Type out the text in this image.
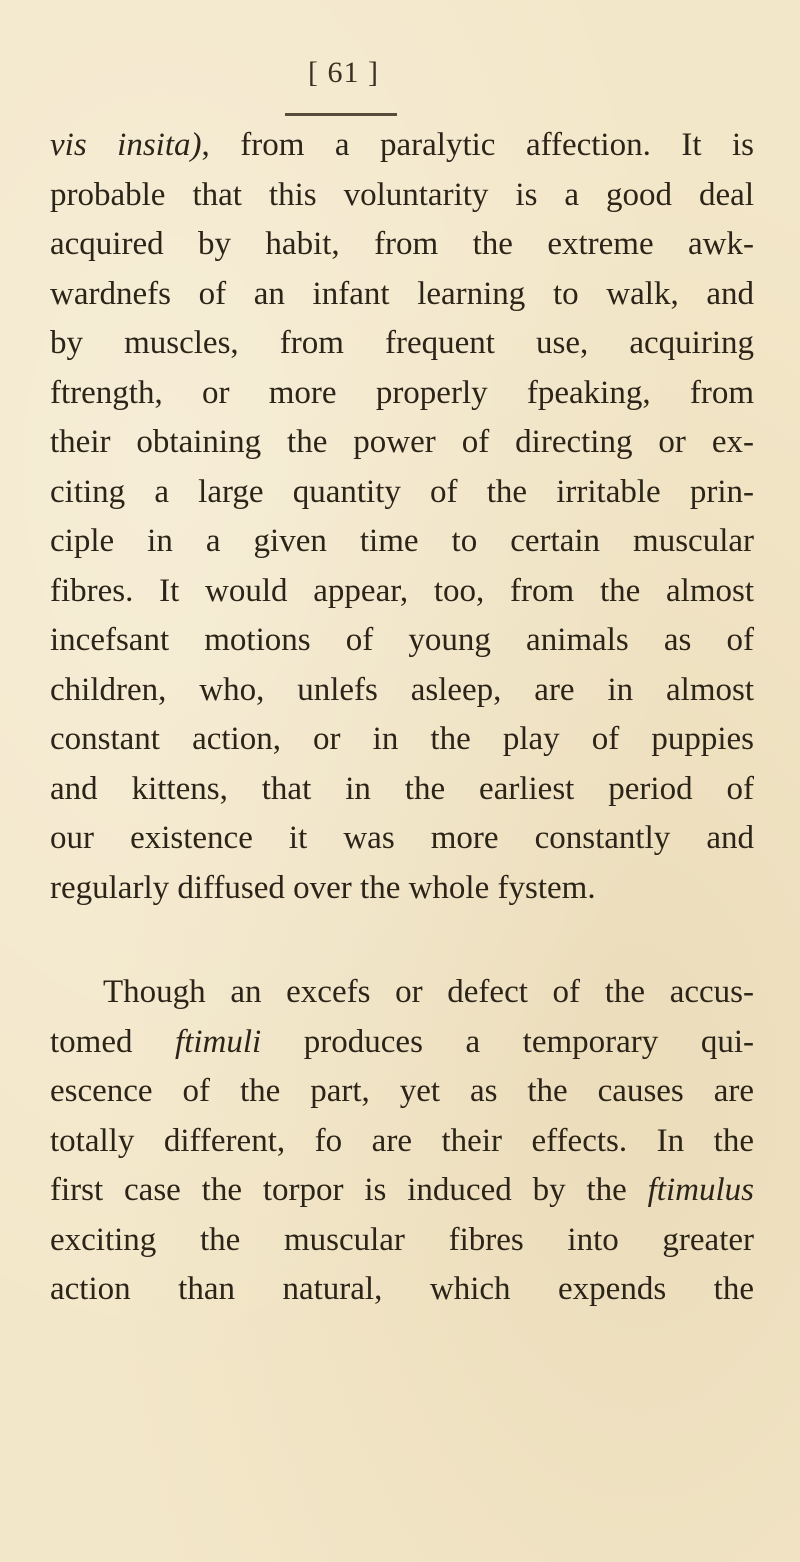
[ 61 ]
vis insita), from a paralytic affection. It is
probable that this voluntarity is a good deal
acquired by habit, from the extreme awk-
wardnefs of an infant learning to walk, and
by muscles, from frequent use, acquiring
ftrength, or more properly fpeaking, from
their obtaining the power of directing or ex-
citing a large quantity of the irritable prin-
ciple in a given time to certain muscular
fibres. It would appear, too, from the almost
incefsant motions of young animals as of
children, who, unlefs asleep, are in almost
constant action, or in the play of puppies
and kittens, that in the earliest period of
our existence it was more constantly and
regularly diffused over the whole fystem.
Though an excefs or defect of the accus-
tomed ftimuli produces a temporary qui-
escence of the part, yet as the causes are
totally different, fo are their effects. In the
first case the torpor is induced by the ftimulus
exciting the muscular fibres into greater
action than natural, which expends the
